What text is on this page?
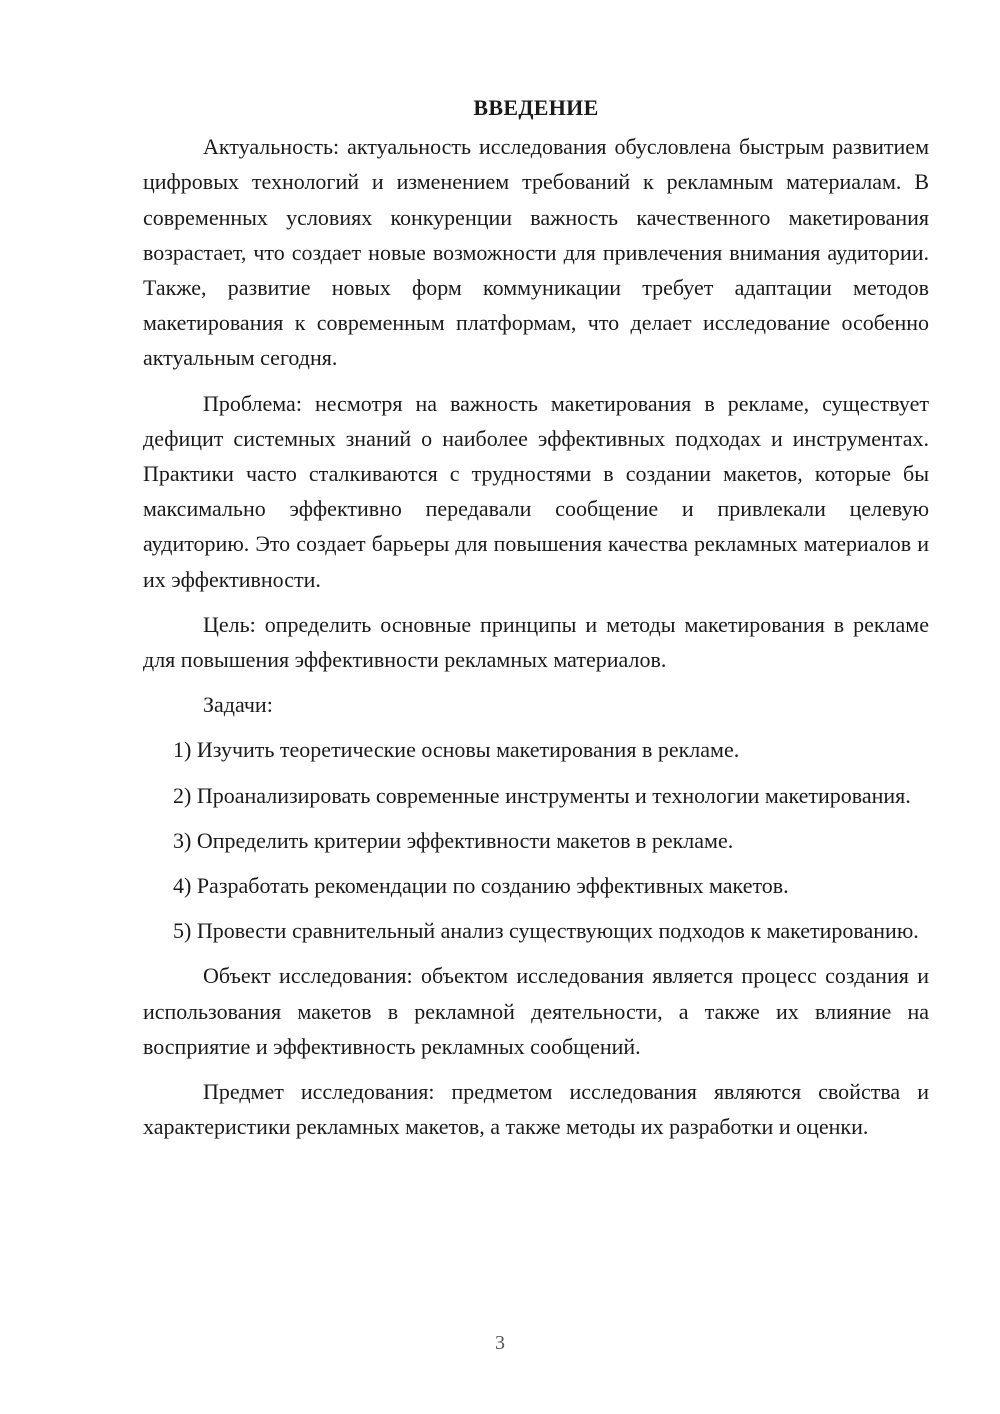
ВВЕДЕНИЕ

Актуальность: актуальность исследования обусловлена быстрым развитием цифровых технологий и изменением требований к рекламным материалам. В современных условиях конкуренции важность качественного макетирования возрастает, что создает новые возможности для привлечения внимания аудитории. Также, развитие новых форм коммуникации требует адаптации методов макетирования к современным платформам, что делает исследование особенно актуальным сегодня.

Проблема: несмотря на важность макетирования в рекламе, существует дефицит системных знаний о наиболее эффективных подходах и инструментах. Практики часто сталкиваются с трудностями в создании макетов, которые бы максимально эффективно передавали сообщение и привлекали целевую аудиторию. Это создает барьеры для повышения качества рекламных материалов и их эффективности.

Цель: определить основные принципы и методы макетирования в рекламе для повышения эффективности рекламных материалов.

Задачи:

1) Изучить теоретические основы макетирования в рекламе.

2) Проанализировать современные инструменты и технологии макетирования.

3) Определить критерии эффективности макетов в рекламе.

4) Разработать рекомендации по созданию эффективных макетов.

5) Провести сравнительный анализ существующих подходов к макетированию.

Объект исследования: объектом исследования является процесс создания и использования макетов в рекламной деятельности, а также их влияние на восприятие и эффективность рекламных сообщений.

Предмет исследования: предметом исследования являются свойства и характеристики рекламных макетов, а также методы их разработки и оценки.

3
